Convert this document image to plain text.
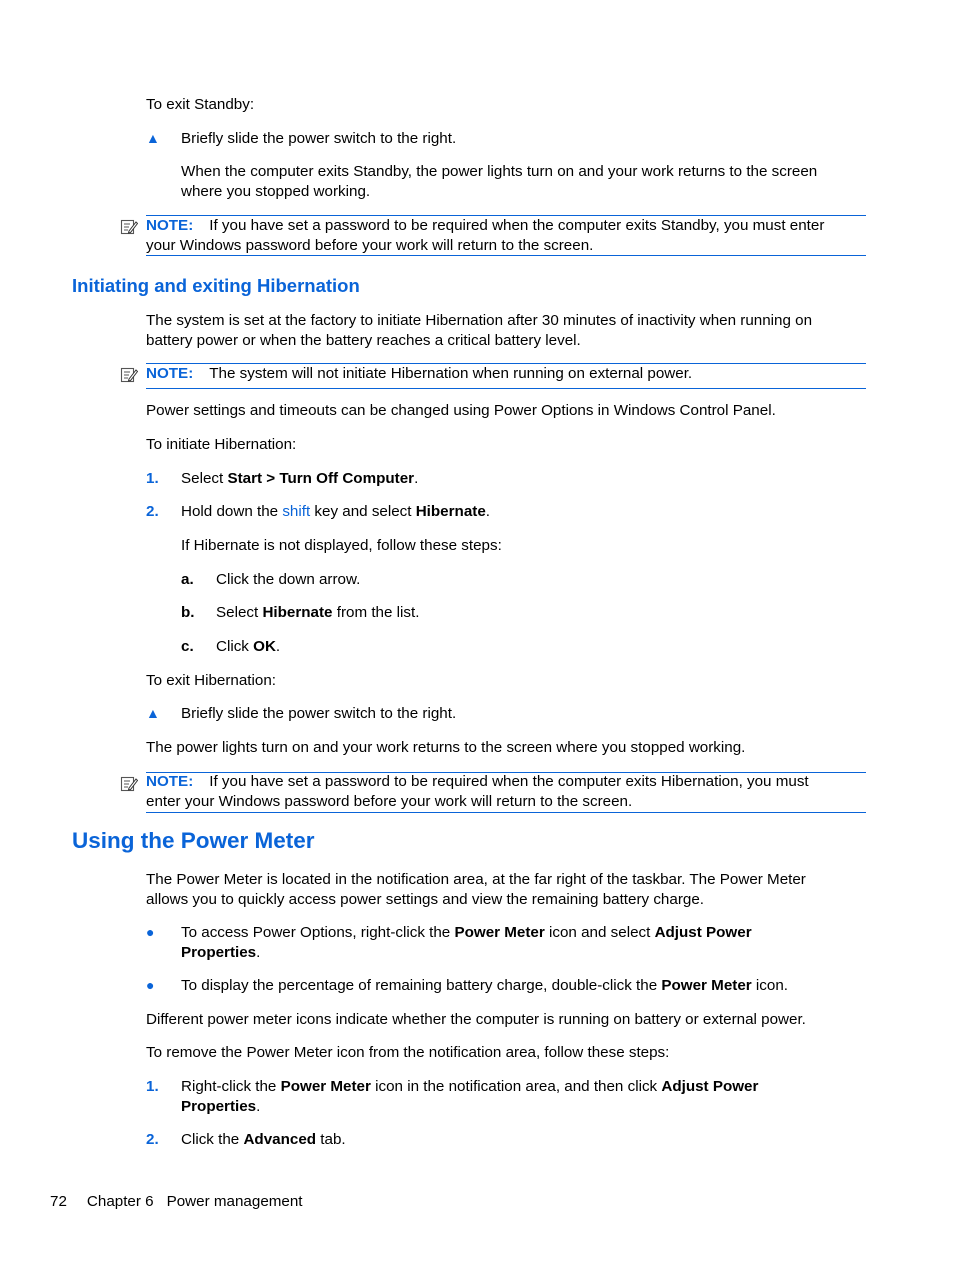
To exit Standby:
▲ Briefly slide the power switch to the right.
When the computer exits Standby, the power lights turn on and your work returns to the screen
where you stopped working.
NOTE: If you have set a password to be required when the computer exits Standby, you must enter
your Windows password before your work will return to the screen.
Initiating and exiting Hibernation
The system is set at the factory to initiate Hibernation after 30 minutes of inactivity when running on
battery power or when the battery reaches a critical battery level.
NOTE: The system will not initiate Hibernation when running on external power.
Power settings and timeouts can be changed using Power Options in Windows Control Panel.
To initiate Hibernation:
1. Select Start > Turn Off Computer.
2. Hold down the shift key and select Hibernate.
If Hibernate is not displayed, follow these steps:
a. Click the down arrow.
b. Select Hibernate from the list.
c. Click OK.
To exit Hibernation:
▲ Briefly slide the power switch to the right.
The power lights turn on and your work returns to the screen where you stopped working.
NOTE: If you have set a password to be required when the computer exits Hibernation, you must
enter your Windows password before your work will return to the screen.
Using the Power Meter
The Power Meter is located in the notification area, at the far right of the taskbar. The Power Meter
allows you to quickly access power settings and view the remaining battery charge.
● To access Power Options, right-click the Power Meter icon and select Adjust Power
Properties.
● To display the percentage of remaining battery charge, double-click the Power Meter icon.
Different power meter icons indicate whether the computer is running on battery or external power.
To remove the Power Meter icon from the notification area, follow these steps:
1. Right-click the Power Meter icon in the notification area, and then click Adjust Power
Properties.
2. Click the Advanced tab.
72 Chapter 6 Power management
